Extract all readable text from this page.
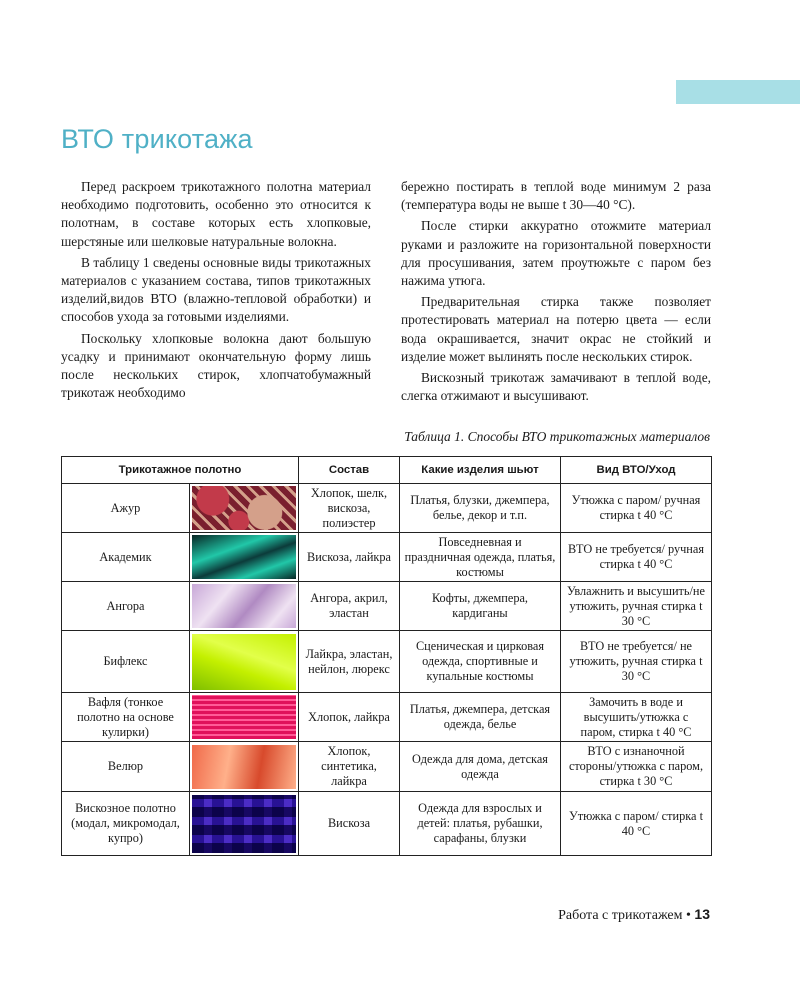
ВТО трикотажа

Перед раскроем трикотажного полотна материал необходимо подготовить, особенно это относится к полотнам, в составе которых есть хлопковые, шерстяные или шелковые натуральные волокна.

В таблицу 1 сведены основные виды трикотажных материалов с указанием состава, типов трикотажных изделий,видов ВТО (влажно-тепловой обработки) и способов ухода за готовыми изделиями.

Поскольку хлопковые волокна дают большую усадку и принимают окончательную форму лишь после нескольких стирок, хлопчатобумажный трикотаж необходимо

бережно постирать в теплой воде минимум 2 раза (температура воды не выше t 30—40 °C).

После стирки аккуратно отожмите материал руками и разложите на горизонтальной поверхности для просушивания, затем проутюжьте с паром без нажима утюга.

Предварительная стирка также позволяет протестировать материал на потерю цвета — если вода окрашивается, значит окрас не стойкий и изделие может вылинять после нескольких стирок.

Вискозный трикотаж замачивают в теплой воде, слегка отжимают и высушивают.

Таблица 1. Способы ВТО трикотажных материалов
Трикотажное полотно		Состав	Какие изделия шьют	Вид ВТО/Уход
Ажур		Хлопок, шелк, вискоза, полиэстер	Платья, блузки, джемпера, белье, декор и т.п.	Утюжка с паром/ ручная стирка t 40 °C
Академик		Вискоза, лайкра	Повседневная и праздничная одежда, платья, костюмы	ВТО не требуется/ ручная стирка t 40 °C
Ангора		Ангора, акрил, эластан	Кофты, джемпера, кардиганы	Увлажнить и высушить/не утюжить, ручная стирка t 30 °C
Бифлекс		Лайкра, эластан, нейлон, люрекс	Сценическая и цирковая одежда, спортивные и купальные костюмы	ВТО не требуется/ не утюжить, ручная стирка t 30 °C
Вафля (тонкое полотно на основе кулирки)		Хлопок, лайкра	Платья, джемпера, детская одежда, белье	Замочить в воде и высушить/утюжка с паром, стирка t 40 °C
Велюр		Хлопок, синтетика, лайкра	Одежда для дома, детская одежда	ВТО с изнаночной стороны/утюжка с паром, стирка t 30 °C
Вискозное полотно (модал, микромодал, купро)		Вискоза	Одежда для взрослых и детей: платья, рубашки, сарафаны, блузки	Утюжка с паром/ стирка t 40 °C
Работа с трикотажем • 13
